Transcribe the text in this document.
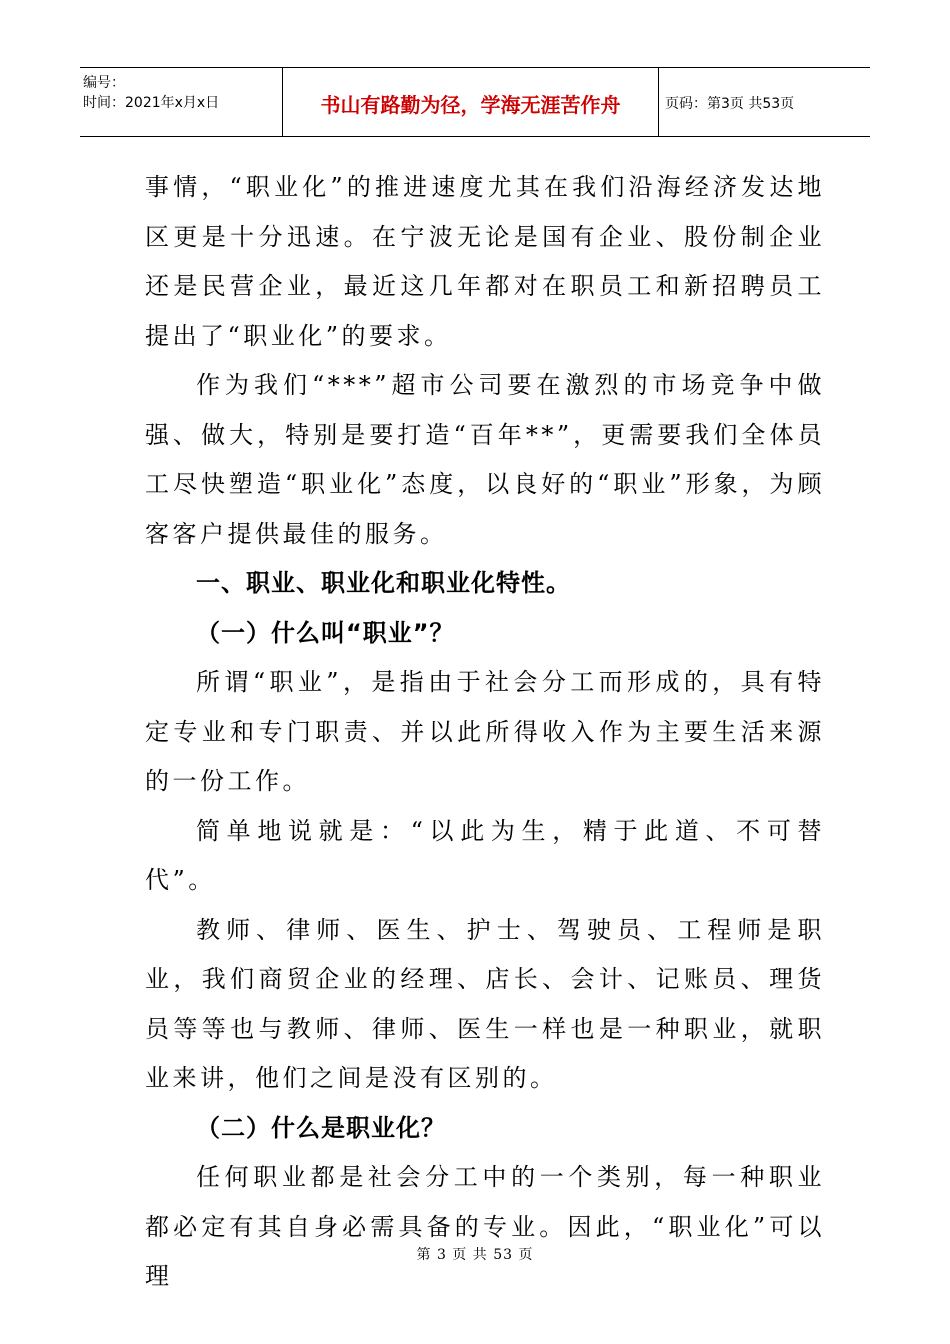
编号：
时间：2021年x月x日	书山有路勤为径，学海无涯苦作舟	页码：第3页 共53页

事情，“职业化”的推进速度尤其在我们沿海经济发达地区更是十分迅速。在宁波无论是国有企业、股份制企业还是民营企业，最近这几年都对在职员工和新招聘员工提出了“职业化”的要求。

作为我们“***”超市公司要在激烈的市场竞争中做强、做大，特别是要打造“百年**”，更需要我们全体员工尽快塑造“职业化”态度，以良好的“职业”形象，为顾客客户提供最佳的服务。

一、职业、职业化和职业化特性。

（一）什么叫“职业”？

所谓“职业”，是指由于社会分工而形成的，具有特定专业和专门职责、并以此所得收入作为主要生活来源的一份工作。

简单地说就是：“以此为生，精于此道、不可替代”。

教师、律师、医生、护士、驾驶员、工程师是职业，我们商贸企业的经理、店长、会计、记账员、理货员等等也与教师、律师、医生一样也是一种职业，就职业来讲，他们之间是没有区别的。

（二）什么是职业化？

任何职业都是社会分工中的一个类别，每一种职业都必定有其自身必需具备的专业。因此，“职业化”可以理

第 3 页 共 53 页
